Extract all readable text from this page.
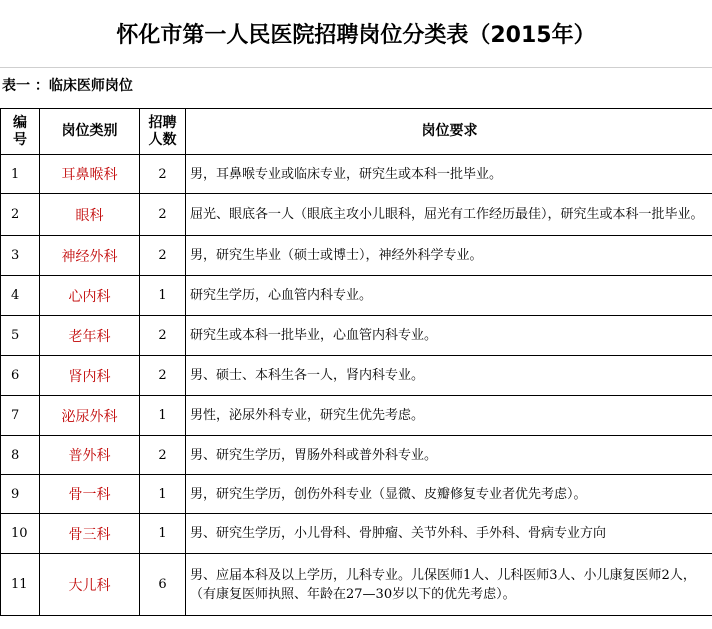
怀化市第一人民医院招聘岗位分类表（2015年）
表一 ：临床医师岗位
编号	岗位类别	招聘人数	岗位要求
1	耳鼻喉科	2	男，耳鼻喉专业或临床专业，研究生或本科一批毕业。
2	眼科	2	屈光、眼底各一人（眼底主攻小儿眼科，屈光有工作经历最佳），研究生或本科一批毕业。
3	神经外科	2	男，研究生毕业（硕士或博士），神经外科学专业。
4	心内科	1	研究生学历，心血管内科专业。
5	老年科	2	研究生或本科一批毕业，心血管内科专业。
6	肾内科	2	男、硕士、本科生各一人，肾内科专业。
7	泌尿外科	1	男性，泌尿外科专业，研究生优先考虑。
8	普外科	2	男、研究生学历，胃肠外科或普外科专业。
9	骨一科	1	男，研究生学历，创伤外科专业（显微、皮瓣修复专业者优先考虑）。
10	骨三科	1	男、研究生学历，小儿骨科、骨肿瘤、关节外科、手外科、骨病专业方向
11	大儿科	6	男、应届本科及以上学历，儿科专业。儿保医师1人、儿科医师3人、小儿康复医师2人，（有康复医师执照、年龄在27—30岁以下的优先考虑）。
